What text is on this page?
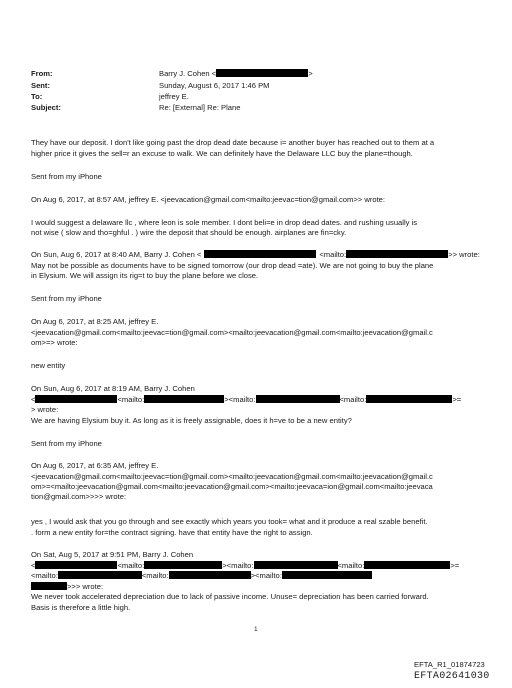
From:	Barry J. Cohen <	>
Sent:	Sunday, August 6, 2017 1:46 PM
To:	jeffrey E.
Subject:	Re: [External] Re: Plane
They have our deposit. I don't like going past the drop dead date because i= another buyer has reached out to them at a
higher price it gives the sell=r an excuse to walk. We can definitely have the Delaware LLC buy the plane=though.
Sent from my iPhone
On Aug 6, 2017, at 8:57 AM, jeffrey E. <jeevacation@gmail.com<mailto:jeevac=tion@gmail.com>> wrote:
I would suggest a delaware llc , where leon is sole member. I dont beli=e in drop dead dates. and rushing usually is
not wise ( slow and tho=ghful . ) wire the deposit that should be enough. airplanes are fin=cky.
On Sun, Aug 6, 2017 at 8:40 AM, Barry J. Cohen <	<mailto:	>> wrote:
May not be possible as documents have to be signed tomorrow (our drop dead =ate). We are not going to buy the plane
in Elysium. We will assign its rig=t to buy the plane before we close.
Sent from my iPhone
On Aug 6, 2017, at 8:25 AM, jeffrey E.
<jeevacation@gmail.com<mailto:jeevac=tion@gmail.com><mailto:jeevacation@gmail.com<mailto:jeevacation@gmail.c
om>=> wrote:
new entity
On Sun, Aug 6, 2017 at 8:19 AM, Barry J. Cohen
<	<mailto:	><mailto:	<mailto:	>=
> wrote:
We are having Elysium buy it. As long as it is freely assignable, does it h=ve to be a new entity?
Sent from my iPhone
On Aug 6, 2017, at 6:35 AM, jeffrey E.
<jeevacation@gmail.com<mailto:jeevac=tion@gmail.com><mailto:jeevacation@gmail.com<mailto:jeevacation@gmail.c
om>=<mailto:jeevacation@gmail.com<mailto:jeevacation@gmail.com><mailto:jeevaca=ion@gmail.com<mailto:jeevaca
tion@gmail.com>>>> wrote:
yes , I would ask that you go through and see exactly which years you took= what and it produce a real szable benefit.
. form a new entity for=the contract signing. have that entity have the right to assign.
On Sat, Aug 5, 2017 at 9:51 PM, Barry J. Cohen
<	<mailto:	><mailto:	<mailto:	>=
<mailto:	<mailto:	><mailto:
>>> wrote:
We never took accelerated depreciation due to lack of passive income. Unuse= depreciation has been carried forward.
Basis is therefore a little high.
1
EFTA_R1_01874723
EFTA02641030
